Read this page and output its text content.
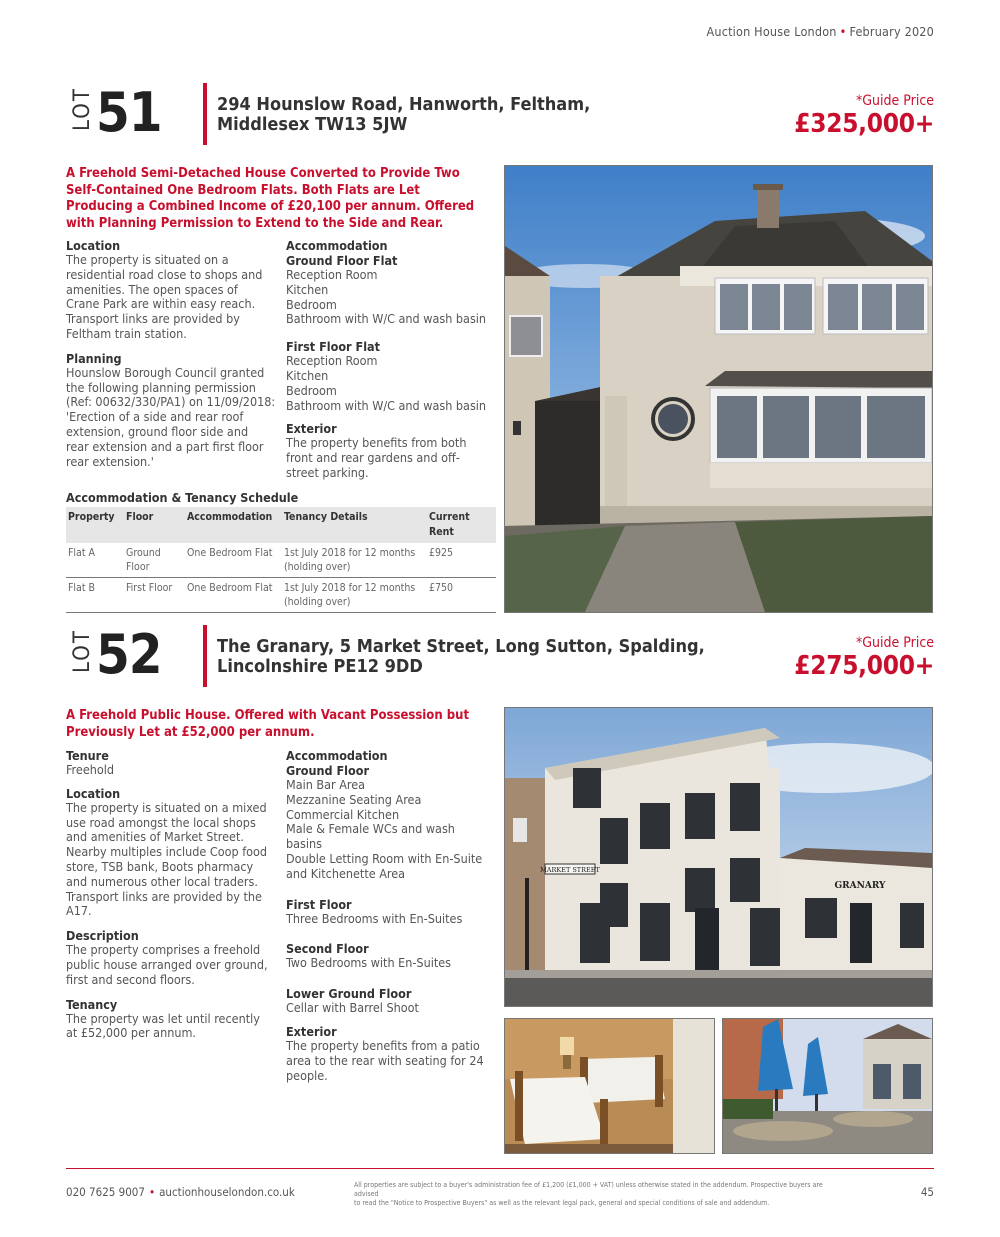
Auction House London • February 2020
LOT 51	294 Hounslow Road, Hanworth, Feltham,
Middlesex TW13 5JW
*Guide Price
£325,000+
A Freehold Semi-Detached House Converted to Provide Two
Self-Contained One Bedroom Flats. Both Flats are Let
Producing a Combined Income of £20,100 per annum. Offered
with Planning Permission to Extend to the Side and Rear.
Location
The property is situated on a
residential road close to shops and
amenities. The open spaces of
Crane Park are within easy reach.
Transport links are provided by
Feltham train station.
Planning
Hounslow Borough Council granted
the following planning permission
(Ref: 00632/330/PA1) on 11/09/2018:
'Erection of a side and rear roof
extension, ground floor side and
rear extension and a part first floor
rear extension.'
Accommodation
Ground Floor Flat
Reception Room
Kitchen
Bedroom
Bathroom with W/C and wash basin
First Floor Flat
Reception Room
Kitchen
Bedroom
Bathroom with W/C and wash basin
Exterior
The property benefits from both
front and rear gardens and off-
street parking.
Accommodation & Tenancy Schedule
Property	Floor	Accommodation	Tenancy Details	Current Rent
Flat A	Ground Floor	One Bedroom Flat	1st July 2018 for 12 months (holding over)	£925
Flat B	First Floor	One Bedroom Flat	1st July 2018 for 12 months (holding over)	£750
LOT 52	The Granary, 5 Market Street, Long Sutton, Spalding,
Lincolnshire PE12 9DD
*Guide Price
£275,000+
A Freehold Public House. Offered with Vacant Possession but
Previously Let at £52,000 per annum.
Tenure
Freehold
Location
The property is situated on a mixed
use road amongst the local shops
and amenities of Market Street.
Nearby multiples include Coop food
store, TSB bank, Boots pharmacy
and numerous other local traders.
Transport links are provided by the
A17.
Description
The property comprises a freehold
public house arranged over ground,
first and second floors.
Tenancy
The property was let until recently
at £52,000 per annum.
Accommodation
Ground Floor
Main Bar Area
Mezzanine Seating Area
Commercial Kitchen
Male & Female WCs and wash
basins
Double Letting Room with En-Suite
and Kitchenette Area
First Floor
Three Bedrooms with En-Suites
Second Floor
Two Bedrooms with En-Suites
Lower Ground Floor
Cellar with Barrel Shoot
Exterior
The property benefits from a patio
area to the rear with seating for 24
people.
MARKET STREET
GRANARY
020 7625 9007 • auctionhouselondon.co.uk	All properties are subject to a buyer's administration fee of £1,200 (£1,000 + VAT) unless otherwise stated in the addendum. Prospective buyers are advised
to read the "Notice to Prospective Buyers" as well as the relevant legal pack, general and special conditions of sale and addendum.
45
